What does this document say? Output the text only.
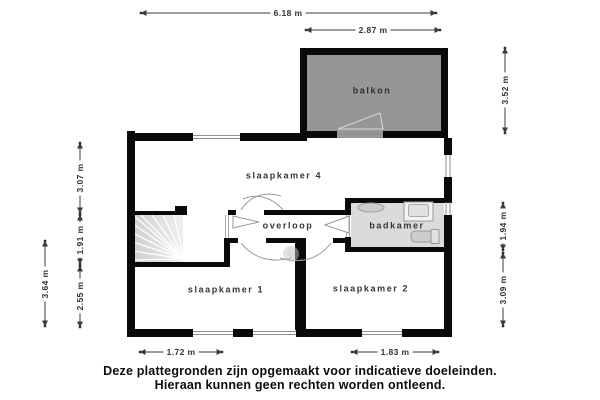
balkon
slaapkamer 4
overloop	badkamer
slaapkamer 1	slaapkamer 2
6.18 m
2.87 m
3.52 m
1.94 m
3.09 m
3.07 m
1.91 m
2.55 m
3.64 m
1.72 m	1.83 m
Deze plattegronden zijn opgemaakt voor indicatieve doeleinden.
Hieraan kunnen geen rechten worden ontleend.
